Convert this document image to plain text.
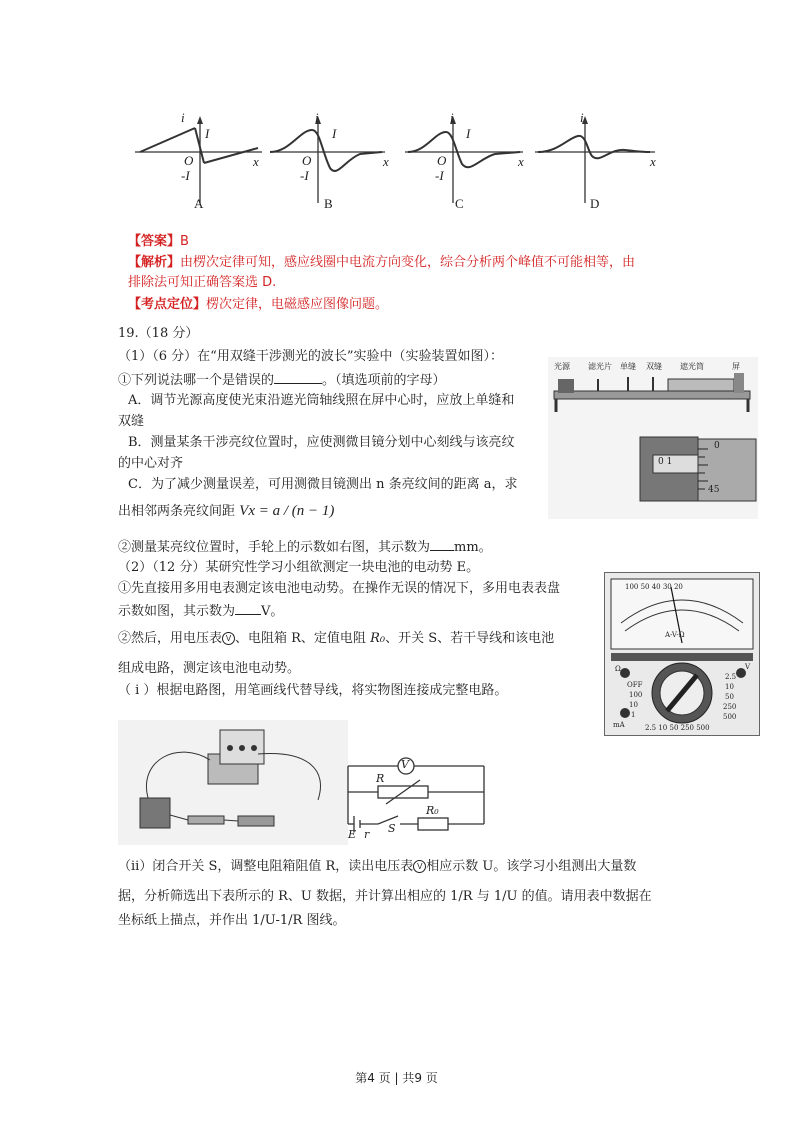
i
I
O
-I
x
i
I
O
-I
x
i
I
O
-I
x
i
x
A	B	C	D
【答案】B
【解析】由楞次定律可知，感应线圈中电流方向变化，综合分析两个峰值不可能相等，由
排除法可知正确答案选 D.
【考点定位】楞次定律，电磁感应图像问题。
19.（18 分）
（1）（6 分）在“用双缝干涉测光的波长”实验中（实验装置如图）：
①下列说法哪一个是错误的	。（填选项前的字母）
A．调节光源高度使光束沿遮光筒轴线照在屏中心时，应放上单缝和
双缝
B．测量某条干涉亮纹位置时，应使测微目镜分划中心刻线与该亮纹
的中心对齐
C．为了减少测量误差，可用测微目镜测出 n 条亮纹间的距离 a，求
出相邻两条亮纹间距 Vx = a / (n − 1)
②测量某亮纹位置时，手轮上的示数如右图，其示数为 mm。
（2）（12 分）某研究性学习小组欲测定一块电池的电动势 E。
①先直接用多用电表测定该电池电动势。在操作无误的情况下，多用电表表盘
示数如图，其示数为 V。
②然后，用电压表 V 、电阻箱 R、定值电阻 R₀、开关 S、若干导线和该电池
组成电路，测定该电池电动势。
（ i ）根据电路图，用笔画线代替导线，将实物图连接成完整电路。
（ii）闭合开关 S，调整电阻箱阻值 R，读出电压表 V 相应示数 U。该学习小组测出大量数
据，分析筛选出下表所示的 R、U 数据，并计算出相应的 1/R 与 1/U 的值。请用表中数据在
坐标纸上描点，并作出 1/U-1/R 图线。
光源 滤光片 单缝 双缝 遮光筒	屏
0
0 1
45
100 50 40 30 20
A-V-Ω
Ω
OFF
100
10
1
mA
2.5
10
50
250
500
V
2.5 10 50 250 500
V
R
R₀
E r S
第4 页 | 共9 页
